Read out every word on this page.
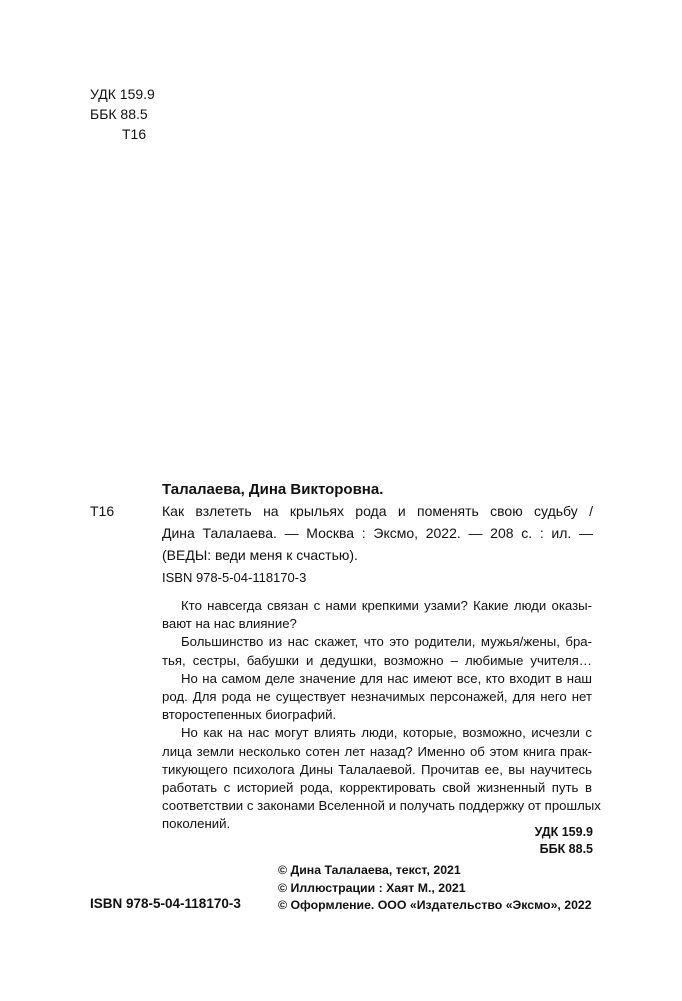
УДК 159.9
ББК 88.5
Т16
Талалаева, Дина Викторовна.
Т16	Как взлететь на крыльях рода и поменять свою судьбу /
Дина Талалаева. — Москва : Эксмо, 2022. — 208 с. : ил. —
(ВЕДЫ: веди меня к счастью).
ISBN 978-5-04-118170-3

Кто навсегда связан с нами крепкими узами? Какие люди оказы-

вают на нас влияние?

Большинство из нас скажет, что это родители, мужья/жены, бра-

тья, сестры, бабушки и дедушки, возможно – любимые учителя…

Но на самом деле значение для нас имеют все, кто входит в наш

род. Для рода не существует незначимых персонажей, для него нет

второстепенных биографий.

Но как на нас могут влиять люди, которые, возможно, исчезли с

лица земли несколько сотен лет назад? Именно об этом книга прак-

тикующего психолога Дины Талалаевой. Прочитав ее, вы научитесь

работать с историей рода, корректировать свой жизненный путь в

соответствии с законами Вселенной и получать поддержку от прошлых

поколений.

УДК 159.9
ББК 88.5
ISBN 978-5-04-118170-3
© Дина Талалаева, текст, 2021
© Иллюстрации : Хаят М., 2021
© Оформление. ООО «Издательство «Эксмо», 2022
